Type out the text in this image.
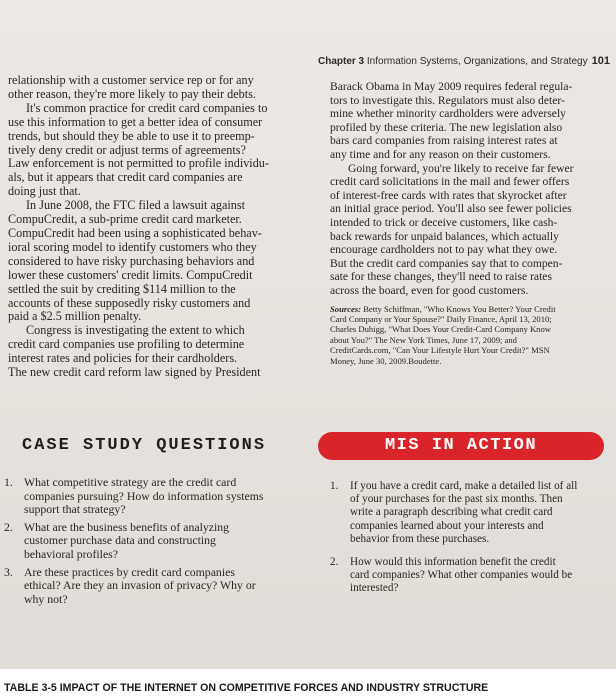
Chapter 3 Information Systems, Organizations, and Strategy 101
relationship with a customer service rep or for any
other reason, they're more likely to pay their debts.
It's common practice for credit card companies to
use this information to get a better idea of consumer
trends, but should they be able to use it to preemp-
tively deny credit or adjust terms of agreements?
Law enforcement is not permitted to profile individu-
als, but it appears that credit card companies are
doing just that.
In June 2008, the FTC filed a lawsuit against
CompuCredit, a sub-prime credit card marketer.
CompuCredit had been using a sophisticated behav-
ioral scoring model to identify customers who they
considered to have risky purchasing behaviors and
lower these customers' credit limits. CompuCredit
settled the suit by crediting $114 million to the
accounts of these supposedly risky customers and
paid a $2.5 million penalty.
Congress is investigating the extent to which
credit card companies use profiling to determine
interest rates and policies for their cardholders.
The new credit card reform law signed by President
Barack Obama in May 2009 requires federal regula-
tors to investigate this. Regulators must also deter-
mine whether minority cardholders were adversely
profiled by these criteria. The new legislation also
bars card companies from raising interest rates at
any time and for any reason on their customers.
Going forward, you're likely to receive far fewer
credit card solicitations in the mail and fewer offers
of interest-free cards with rates that skyrocket after
an initial grace period. You'll also see fewer policies
intended to trick or deceive customers, like cash-
back rewards for unpaid balances, which actually
encourage cardholders not to pay what they owe.
But the credit card companies say that to compen-
sate for these changes, they'll need to raise rates
across the board, even for good customers.
Sources: Betty Schiffman, "Who Knows You Better? Your Credit
Card Company or Your Spouse?" Daily Finance, April 13, 2010;
Charles Duhigg, "What Does Your Credit-Card Company Know
about You?" The New York Times, June 17, 2009; and
CreditCards.com, "Can Your Lifestyle Hurt Your Credit?" MSN
Money, June 30, 2009.Boudette.
CASE STUDY QUESTIONS	MIS IN ACTION
1. What competitive strategy are the credit card
companies pursuing? How do information systems
support that strategy?
2. What are the business benefits of analyzing
customer purchase data and constructing
behavioral profiles?
3. Are these practices by credit card companies
ethical? Are they an invasion of privacy? Why or
why not?
1. If you have a credit card, make a detailed list of all
of your purchases for the past six months. Then
write a paragraph describing what credit card
companies learned about your interests and
behavior from these purchases.
2. How would this information benefit the credit
card companies? What other companies would be
interested?
TABLE 3-5 IMPACT OF THE INTERNET ON COMPETITIVE FORCES AND INDUSTRY STRUCTURE
